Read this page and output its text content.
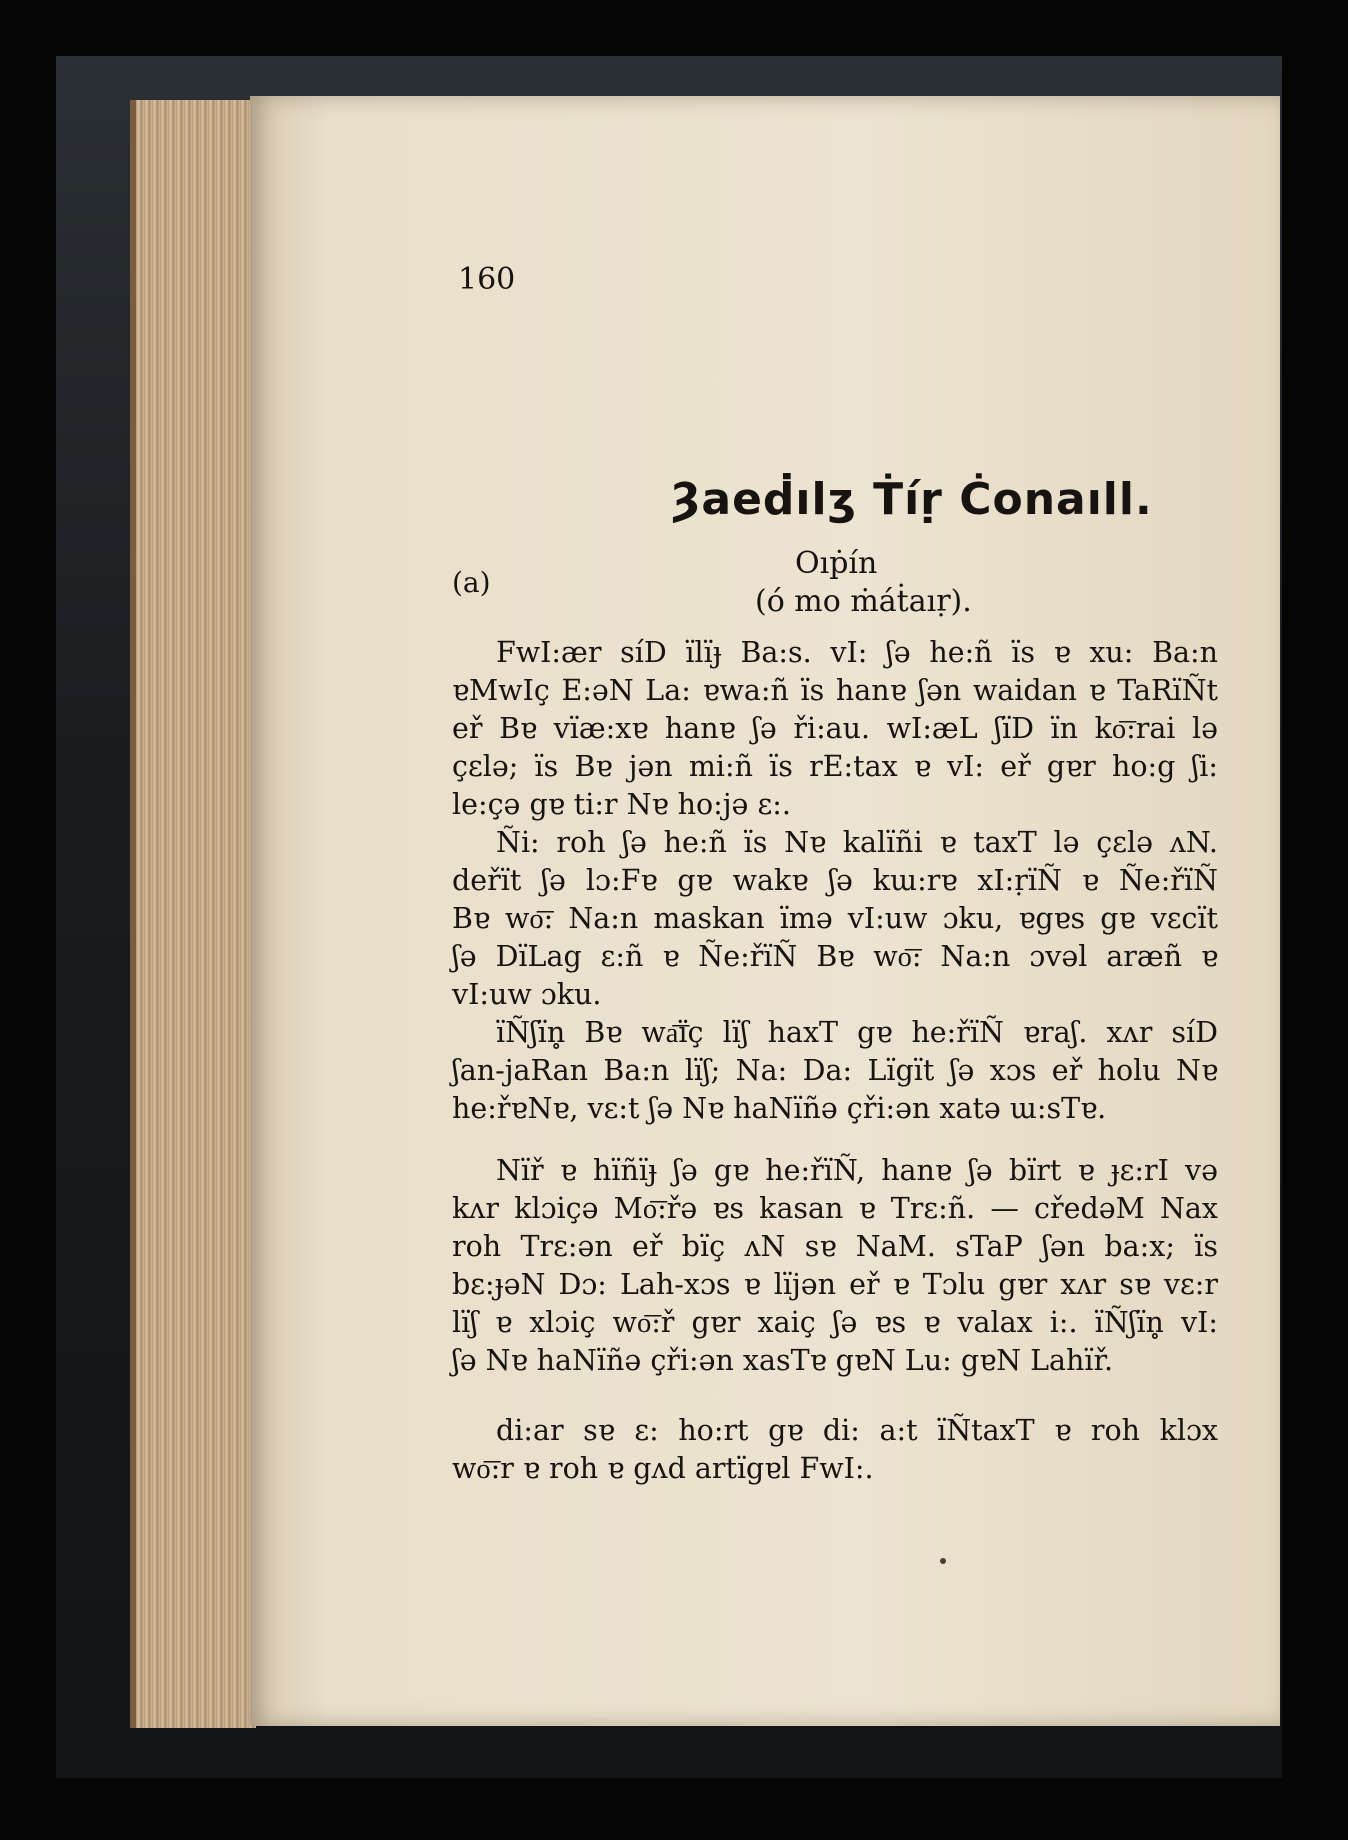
160
Ȝaeḋılʒ Ṫíṛ Ċonaıll.
Oıṗín
(a)
(ó mo ṁáṫaıṛ).

FwI:ær síD ïlïɟ Ba:s. vI: ʃə he:ñ ïs ɐ xu: Ba:n
ɐMwIç E:əN La: ɐwa:ñ ïs hanɐ ʃən waidan ɐ TaRïÑt
eř Bɐ vïæ:xɐ hanɐ ʃə ři:au. wI:æL ʃïD ïn ko͞:rai lə
çɛlə; ïs Bɐ jən mi:ñ ïs rE:tax ɐ vI: eř gɐr ho:g ʃi:
le:çə gɐ ti:r Nɐ ho:jə ɛ:.

Ñi: roh ʃə he:ñ ïs Nɐ kalïñi ɐ taxT lə çɛlə ʌN.
deřït ʃə lɔ:Fɐ gɐ wakɐ ʃə kɯ:rɐ xI:ṛïÑ ɐ Ñe:řïÑ
Bɐ wo͞: Na:n maskan ïmə vI:uw ɔku, ɐgɐs gɐ vɛcït
ʃə DïLag ɛ:ñ ɐ Ñe:řïÑ Bɐ wo͞: Na:n ɔvəl aræñ ɐ
vI:uw ɔku.

ïÑʃïn̥ Bɐ wa͞ïç lïʃ haxT gɐ he:řïÑ ɐraʃ. xʌr síD
ʃan-jaRan Ba:n lïʃ; Na: Da: Lïgït ʃə xɔs eř holu Nɐ
he:řɐNɐ, vɛ:t ʃə Nɐ haNïñə çři:ən xatə ɯ:sTɐ.

Nïř ɐ hïñïɟ ʃə gɐ he:řïÑ, hanɐ ʃə bïrt ɐ ɟɛ:rI və
kʌr klɔiçə Mo͞:řə ɐs kasan ɐ Trɛ:ñ. — cředəM Nax
roh Trɛ:ən eř bïç ʌN sɐ NaM. sTaP ʃən ba:x; ïs
bɛ:ɟəN Dɔ: Lah-xɔs ɐ lïjən eř ɐ Tɔlu gɐr xʌr sɐ vɛ:r
lïʃ ɐ xlɔiç wo͞:ř gɐr xaiç ʃə ɐs ɐ valax i:. ïÑʃïn̥ vI:
ʃə Nɐ haNïñə çři:ən xasTɐ gɐN Lu: gɐN Lahïř.

di:ar sɐ ɛ: ho:rt gɐ di: a:t ïÑtaxT ɐ roh klɔx
wo͞:r ɐ roh ɐ gʌd artïgɐl FwI:.
